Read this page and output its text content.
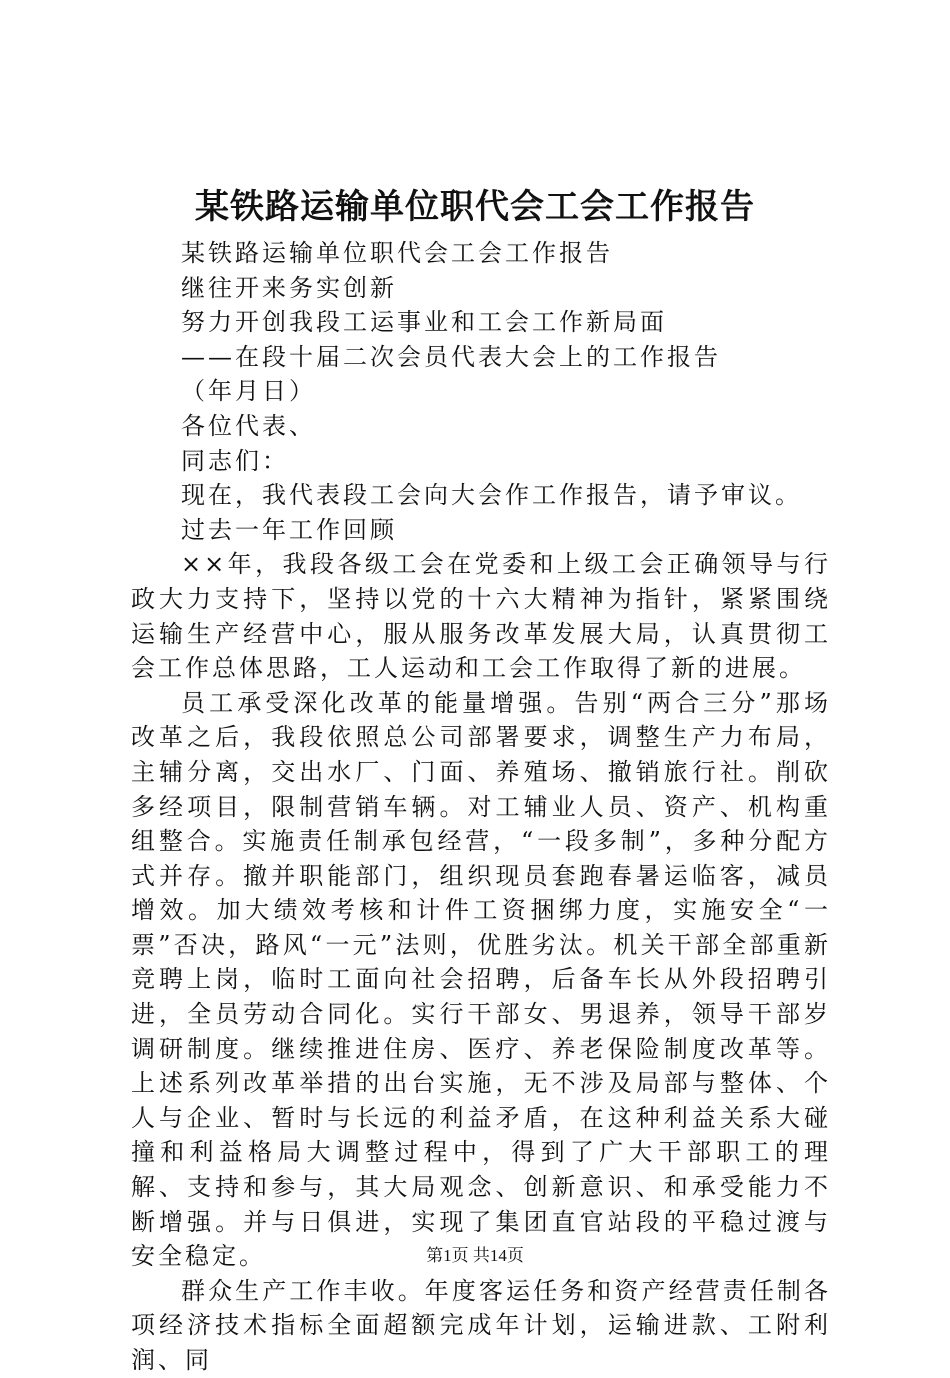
某铁路运输单位职代会工会工作报告

某铁路运输单位职代会工会工作报告

继往开来务实创新

努力开创我段工运事业和工会工作新局面

——在段十届二次会员代表大会上的工作报告

（年月日）

各位代表、

同志们：

现在，我代表段工会向大会作工作报告，请予审议。

过去一年工作回顾

××年，我段各级工会在党委和上级工会正确领导与行政大力支持下，坚持以党的十六大精神为指针，紧紧围绕运输生产经营中心，服从服务改革发展大局，认真贯彻工会工作总体思路，工人运动和工会工作取得了新的进展。

员工承受深化改革的能量增强。告别“两合三分”那场改革之后，我段依照总公司部署要求，调整生产力布局，主辅分离，交出水厂、门面、养殖场、撤销旅行社。削砍多经项目，限制营销车辆。对工辅业人员、资产、机构重组整合。实施责任制承包经营，“一段多制”，多种分配方式并存。撤并职能部门，组织现员套跑春暑运临客，减员增效。加大绩效考核和计件工资捆绑力度，实施安全“一票”否决，路风“一元”法则，优胜劣汰。机关干部全部重新竞聘上岗，临时工面向社会招聘，后备车长从外段招聘引进，全员劳动合同化。实行干部女、男退养，领导干部岁调研制度。继续推进住房、医疗、养老保险制度改革等。上述系列改革举措的出台实施，无不涉及局部与整体、个人与企业、暂时与长远的利益矛盾，在这种利益关系大碰撞和利益格局大调整过程中，得到了广大干部职工的理解、支持和参与，其大局观念、创新意识、和承受能力不断增强。并与日俱进，实现了集团直官站段的平稳过渡与安全稳定。

群众生产工作丰收。年度客运任务和资产经营责任制各项经济技术指标全面超额完成年计划，运输进款、工附利润、同

第1页 共14页
